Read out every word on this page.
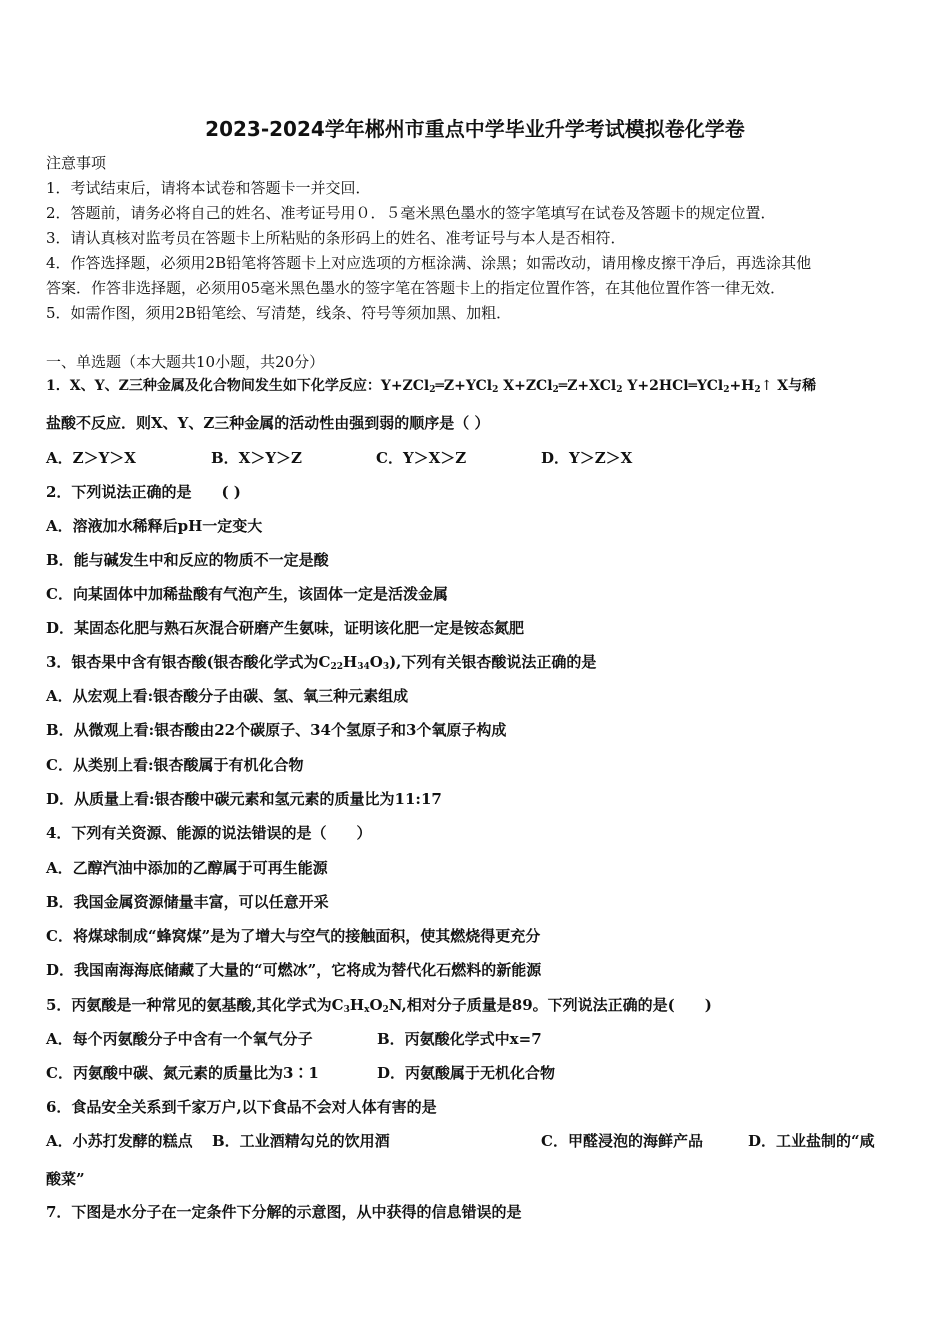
2023-2024学年郴州市重点中学毕业升学考试模拟卷化学卷
注意事项
1．考试结束后，请将本试卷和答题卡一并交回．
2．答题前，请务必将自己的姓名、准考证号用０．５毫米黑色墨水的签字笔填写在试卷及答题卡的规定位置．
3．请认真核对监考员在答题卡上所粘贴的条形码上的姓名、准考证号与本人是否相符．
4．作答选择题，必须用2B铅笔将答题卡上对应选项的方框涂满、涂黑；如需改动，请用橡皮擦干净后，再选涂其他
答案．作答非选择题，必须用05毫米黑色墨水的签字笔在答题卡上的指定位置作答，在其他位置作答一律无效．
5．如需作图，须用2B铅笔绘、写清楚，线条、符号等须加黑、加粗．
一、单选题（本大题共10小题，共20分）
1．X、Y、Z三种金属及化合物间发生如下化学反应：Y+ZCl$_2$═Z+YCl$_2$ X+ZCl$_2$═Z+XCl$_2$ $Y+2HCl═YCl_2+H_2↑$ X与稀
盐酸不反应．则X、Y、Z三种金属的活动性由强到弱的顺序是（ ）
A．Z＞Y＞X	B．X＞Y＞Z	C．Y＞X＞Z	D．Y＞Z＞X
2．下列说法正确的是　　( )
A．溶液加水稀释后pH一定变大
B．能与碱发生中和反应的物质不一定是酸
C．向某固体中加稀盐酸有气泡产生，该固体一定是活泼金属
D．某固态化肥与熟石灰混合研磨产生氨味，证明该化肥一定是铵态氮肥
3．银杏果中含有银杏酸(银杏酸化学式为$C_{22}H_{34}O_3$),下列有关银杏酸说法正确的是
A．从宏观上看:银杏酸分子由碳、氢、氧三种元素组成
B．从微观上看:银杏酸由22个碳原子、34个氢原子和3个氧原子构成
C．从类别上看:银杏酸属于有机化合物
D．从质量上看:银杏酸中碳元素和氢元素的质量比为11:17
4．下列有关资源、能源的说法错误的是（　　）
A．乙醇汽油中添加的乙醇属于可再生能源
B．我国金属资源储量丰富，可以任意开采
C．将煤球制成“蜂窝煤”是为了增大与空气的接触面积，使其燃烧得更充分
D．我国南海海底储藏了大量的“可燃冰”，它将成为替代化石燃料的新能源
5．丙氨酸是一种常见的氨基酸,其化学式为$C_3H_xO_2N$,相对分子质量是89。下列说法正确的是(　　)
A．每个丙氨酸分子中含有一个氧气分子	B．丙氨酸化学式中x=7
C．丙氨酸中碳、氮元素的质量比为3∶1	D．丙氨酸属于无机化合物
6．食品安全关系到千家万户,以下食品不会对人体有害的是
A．小苏打发酵的糕点 B．工业酒精勾兑的饮用酒	C．甲醛浸泡的海鲜产品	D．工业盐制的“咸
酸菜”
7．下图是水分子在一定条件下分解的示意图，从中获得的信息错误的是
